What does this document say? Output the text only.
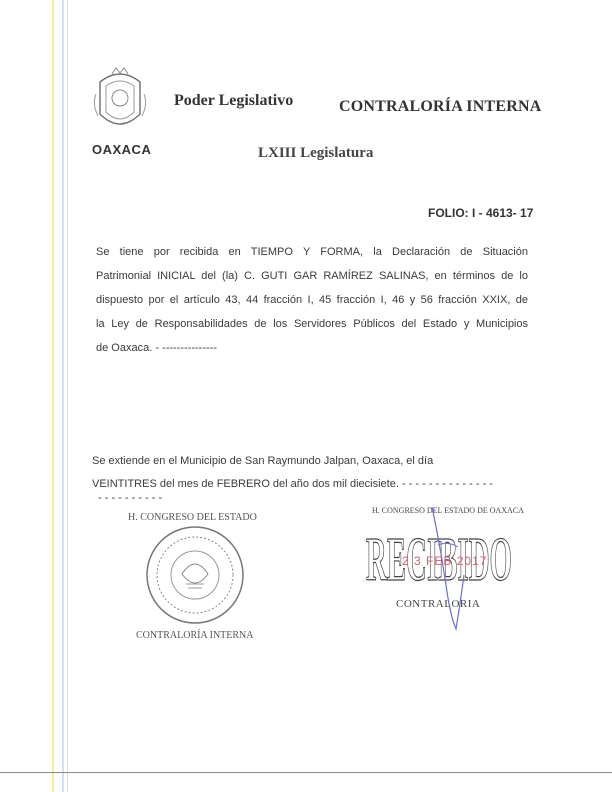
OAXACA
Poder Legislativo	CONTRALORÍA INTERNA
LXIII Legislatura
FOLIO: I - 4613- 17
Se tiene por recibida en TIEMPO Y FORMA, la Declaración de Situación
Patrimonial INICIAL del (la) C. GUTI GAR RAMÍREZ SALINAS, en términos de lo
dispuesto por el artículo 43, 44 fracción I, 45 fracción I, 46 y 56 fracción XXIX, de
la Ley de Responsabilidades de los Servidores Públicos del Estado y Municipios
de Oaxaca. - ---------------
Se extiende en el Municipio de San Raymundo Jalpan, Oaxaca, el día
VEINTITRES del mes de FEBRERO del año dos mil diecisiete. - - - - - - - - - - - - - -
- - - - - - - - - -
H. CONGRESO DEL ESTADO
CONTRALORÍA INTERNA
H. CONGRESO DEL ESTADO DE OAXACA
RECIBIDO
2 3 FEB 2017
CONTRALORIA
